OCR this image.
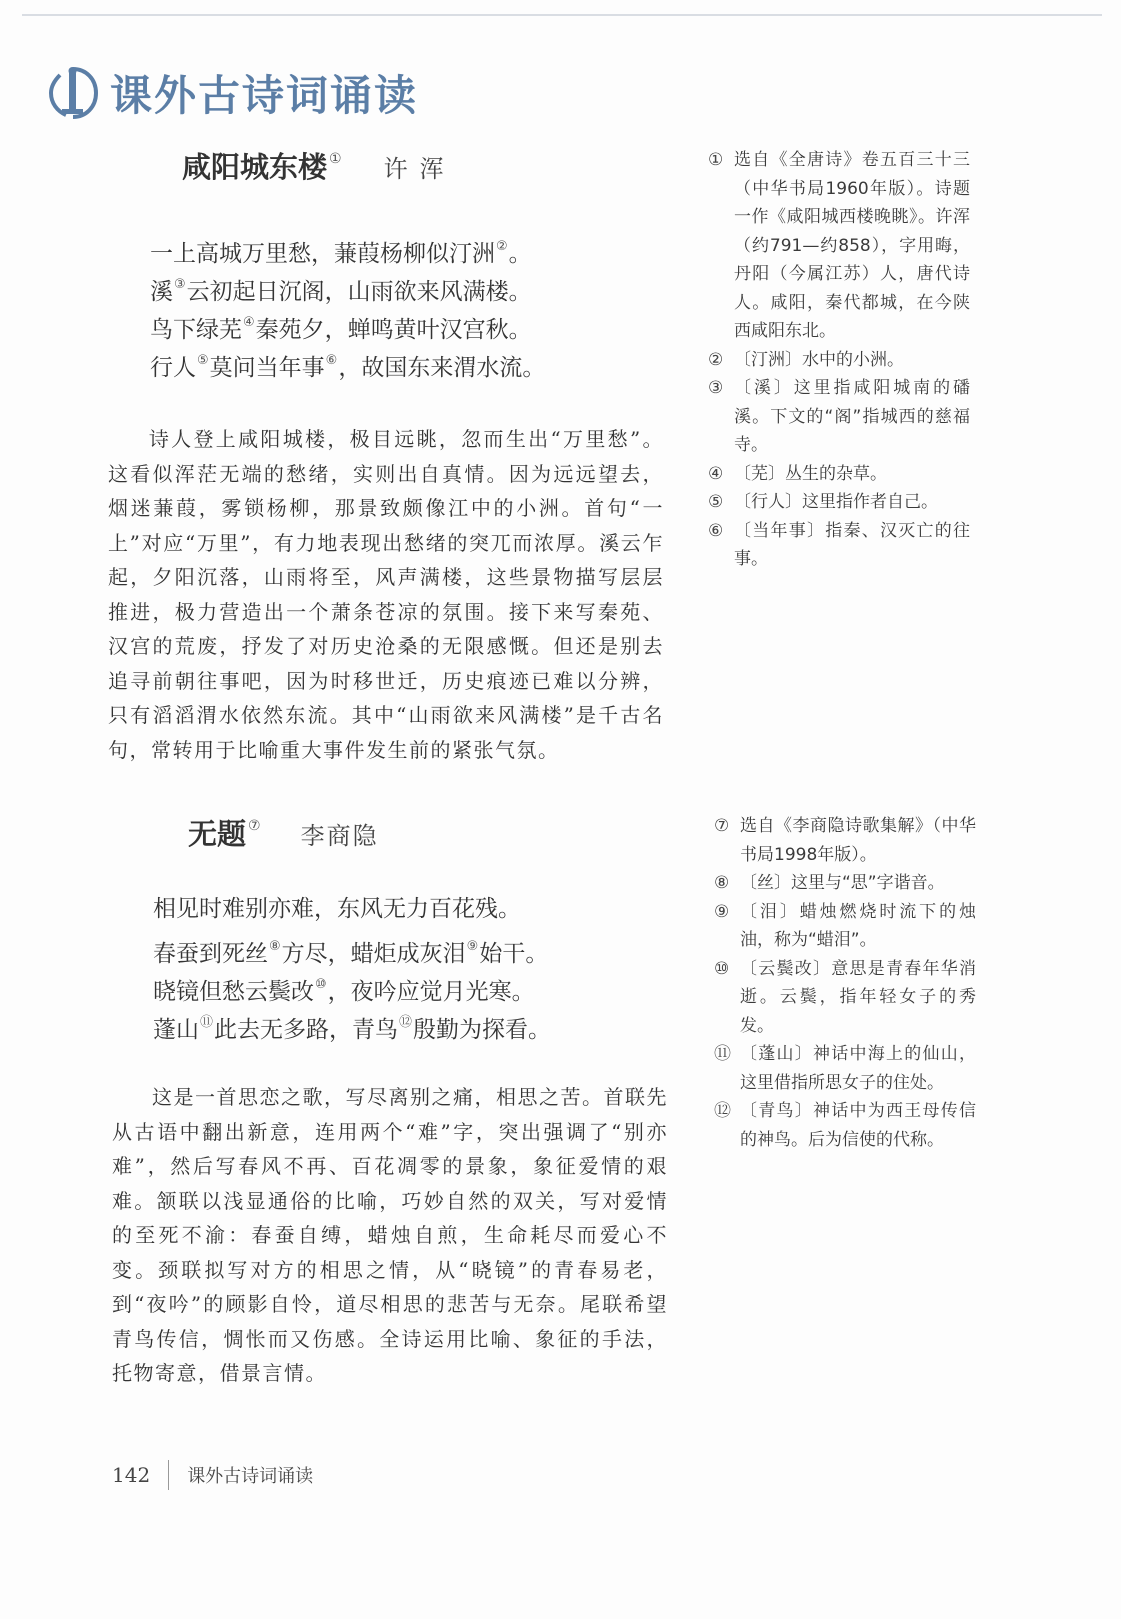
课外古诗词诵读
咸阳城东楼 ① 许浑
一上高城万里愁，蒹葭杨柳似汀洲②。
溪③云初起日沉阁，山雨欲来风满楼。
鸟下绿芜④秦苑夕，蝉鸣黄叶汉宫秋。
行人⑤莫问当年事⑥，故国东来渭水流。
诗人登上咸阳城楼，极目远眺，忽而生出“万里愁”。这看似浑茫无端的愁绪，实则出自真情。因为远远望去，烟迷蒹葭，雾锁杨柳，那景致颇像江中的小洲。首句“一上”对应“万里”，有力地表现出愁绪的突兀而浓厚。溪云乍起，夕阳沉落，山雨将至，风声满楼，这些景物描写层层推进，极力营造出一个萧条苍凉的氛围。接下来写秦苑、汉宫的荒废，抒发了对历史沧桑的无限感慨。但还是别去追寻前朝往事吧，因为时移世迁，历史痕迹已难以分辨，只有滔滔渭水依然东流。其中“山雨欲来风满楼”是千古名句，常转用于比喻重大事件发生前的紧张气氛。
① 选自《全唐诗》卷五百三十三（中华书局1960年版）。诗题一作《咸阳城西楼晚眺》。许浑（约791—约858），字用晦，丹阳（今属江苏）人，唐代诗人。咸阳，秦代都城，在今陕西咸阳东北。
② 〔汀洲〕水中的小洲。
③ 〔溪〕这里指咸阳城南的磻溪。下文的“阁”指城西的慈福寺。
④ 〔芜〕丛生的杂草。
⑤ 〔行人〕这里指作者自己。
⑥ 〔当年事〕指秦、汉灭亡的往事。
无题 ⑦ 李商隐
相见时难别亦难，东风无力百花残。
春蚕到死丝⑧方尽，蜡炬成灰泪⑨始干。
晓镜但愁云鬓改⑩，夜吟应觉月光寒。
蓬山⑪此去无多路，青鸟⑫殷勤为探看。
这是一首思恋之歌，写尽离别之痛，相思之苦。首联先从古语中翻出新意，连用两个“难”字，突出强调了“别亦难”，然后写春风不再、百花凋零的景象，象征爱情的艰难。颔联以浅显通俗的比喻，巧妙自然的双关，写对爱情的至死不渝：春蚕自缚，蜡烛自煎，生命耗尽而爱心不变。颈联拟写对方的相思之情，从“晓镜”的青春易老，到“夜吟”的顾影自怜，道尽相思的悲苦与无奈。尾联希望青鸟传信，惆怅而又伤感。全诗运用比喻、象征的手法，托物寄意，借景言情。
⑦ 选自《李商隐诗歌集解》（中华书局1998年版）。
⑧ 〔丝〕这里与“思”字谐音。
⑨ 〔泪〕蜡烛燃烧时流下的烛油，称为“蜡泪”。
⑩ 〔云鬓改〕意思是青春年华消逝。云鬓，指年轻女子的秀发。
⑪ 〔蓬山〕神话中海上的仙山，这里借指所思女子的住处。
⑫ 〔青鸟〕神话中为西王母传信的神鸟。后为信使的代称。
142 课外古诗词诵读
